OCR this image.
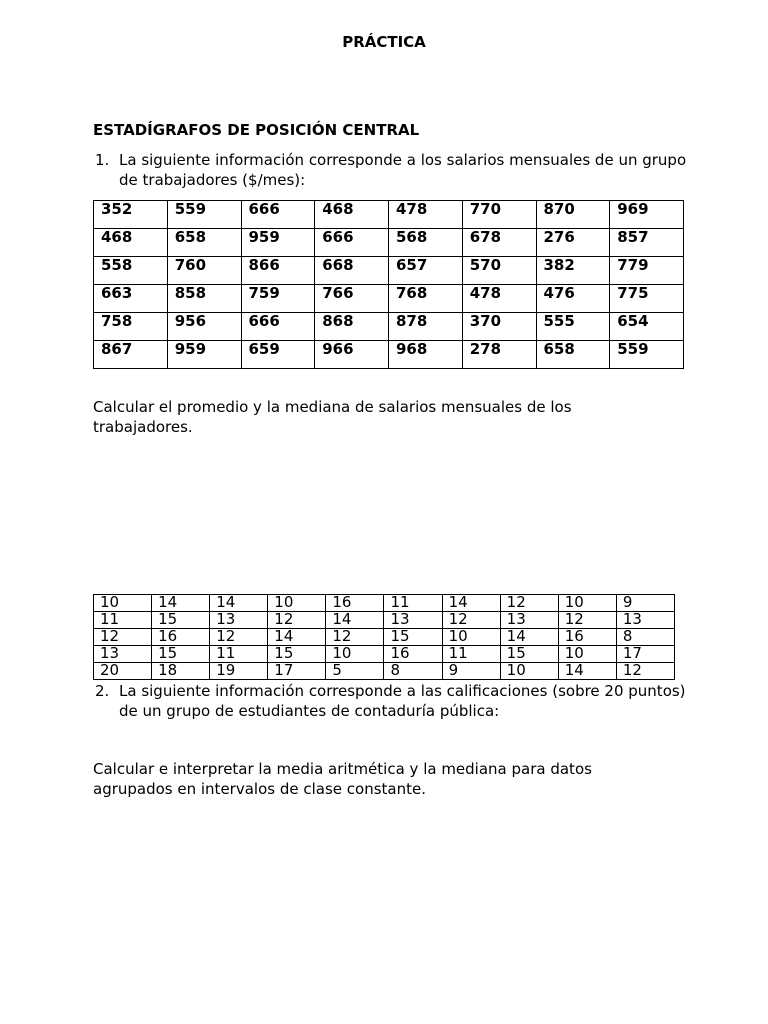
PRÁCTICA
ESTADÍGRAFOS DE POSICIÓN CENTRAL
1. La siguiente información corresponde a los salarios mensuales de un grupo de trabajadores ($/mes):
352	559	666	468	478	770	870	969
468	658	959	666	568	678	276	857
558	760	866	668	657	570	382	779
663	858	759	766	768	478	476	775
758	956	666	868	878	370	555	654
867	959	659	966	968	278	658	559
Calcular el promedio y la mediana de salarios mensuales de los trabajadores.
10	14	14	10	16	11	14	12	10	9
11	15	13	12	14	13	12	13	12	13
12	16	12	14	12	15	10	14	16	8
13	15	11	15	10	16	11	15	10	17
20	18	19	17	5	8	9	10	14	12
2. La siguiente información corresponde a las calificaciones (sobre 20 puntos) de un grupo de estudiantes de contaduría pública:
Calcular e interpretar la media aritmética y la mediana para datos agrupados en intervalos de clase constante.
